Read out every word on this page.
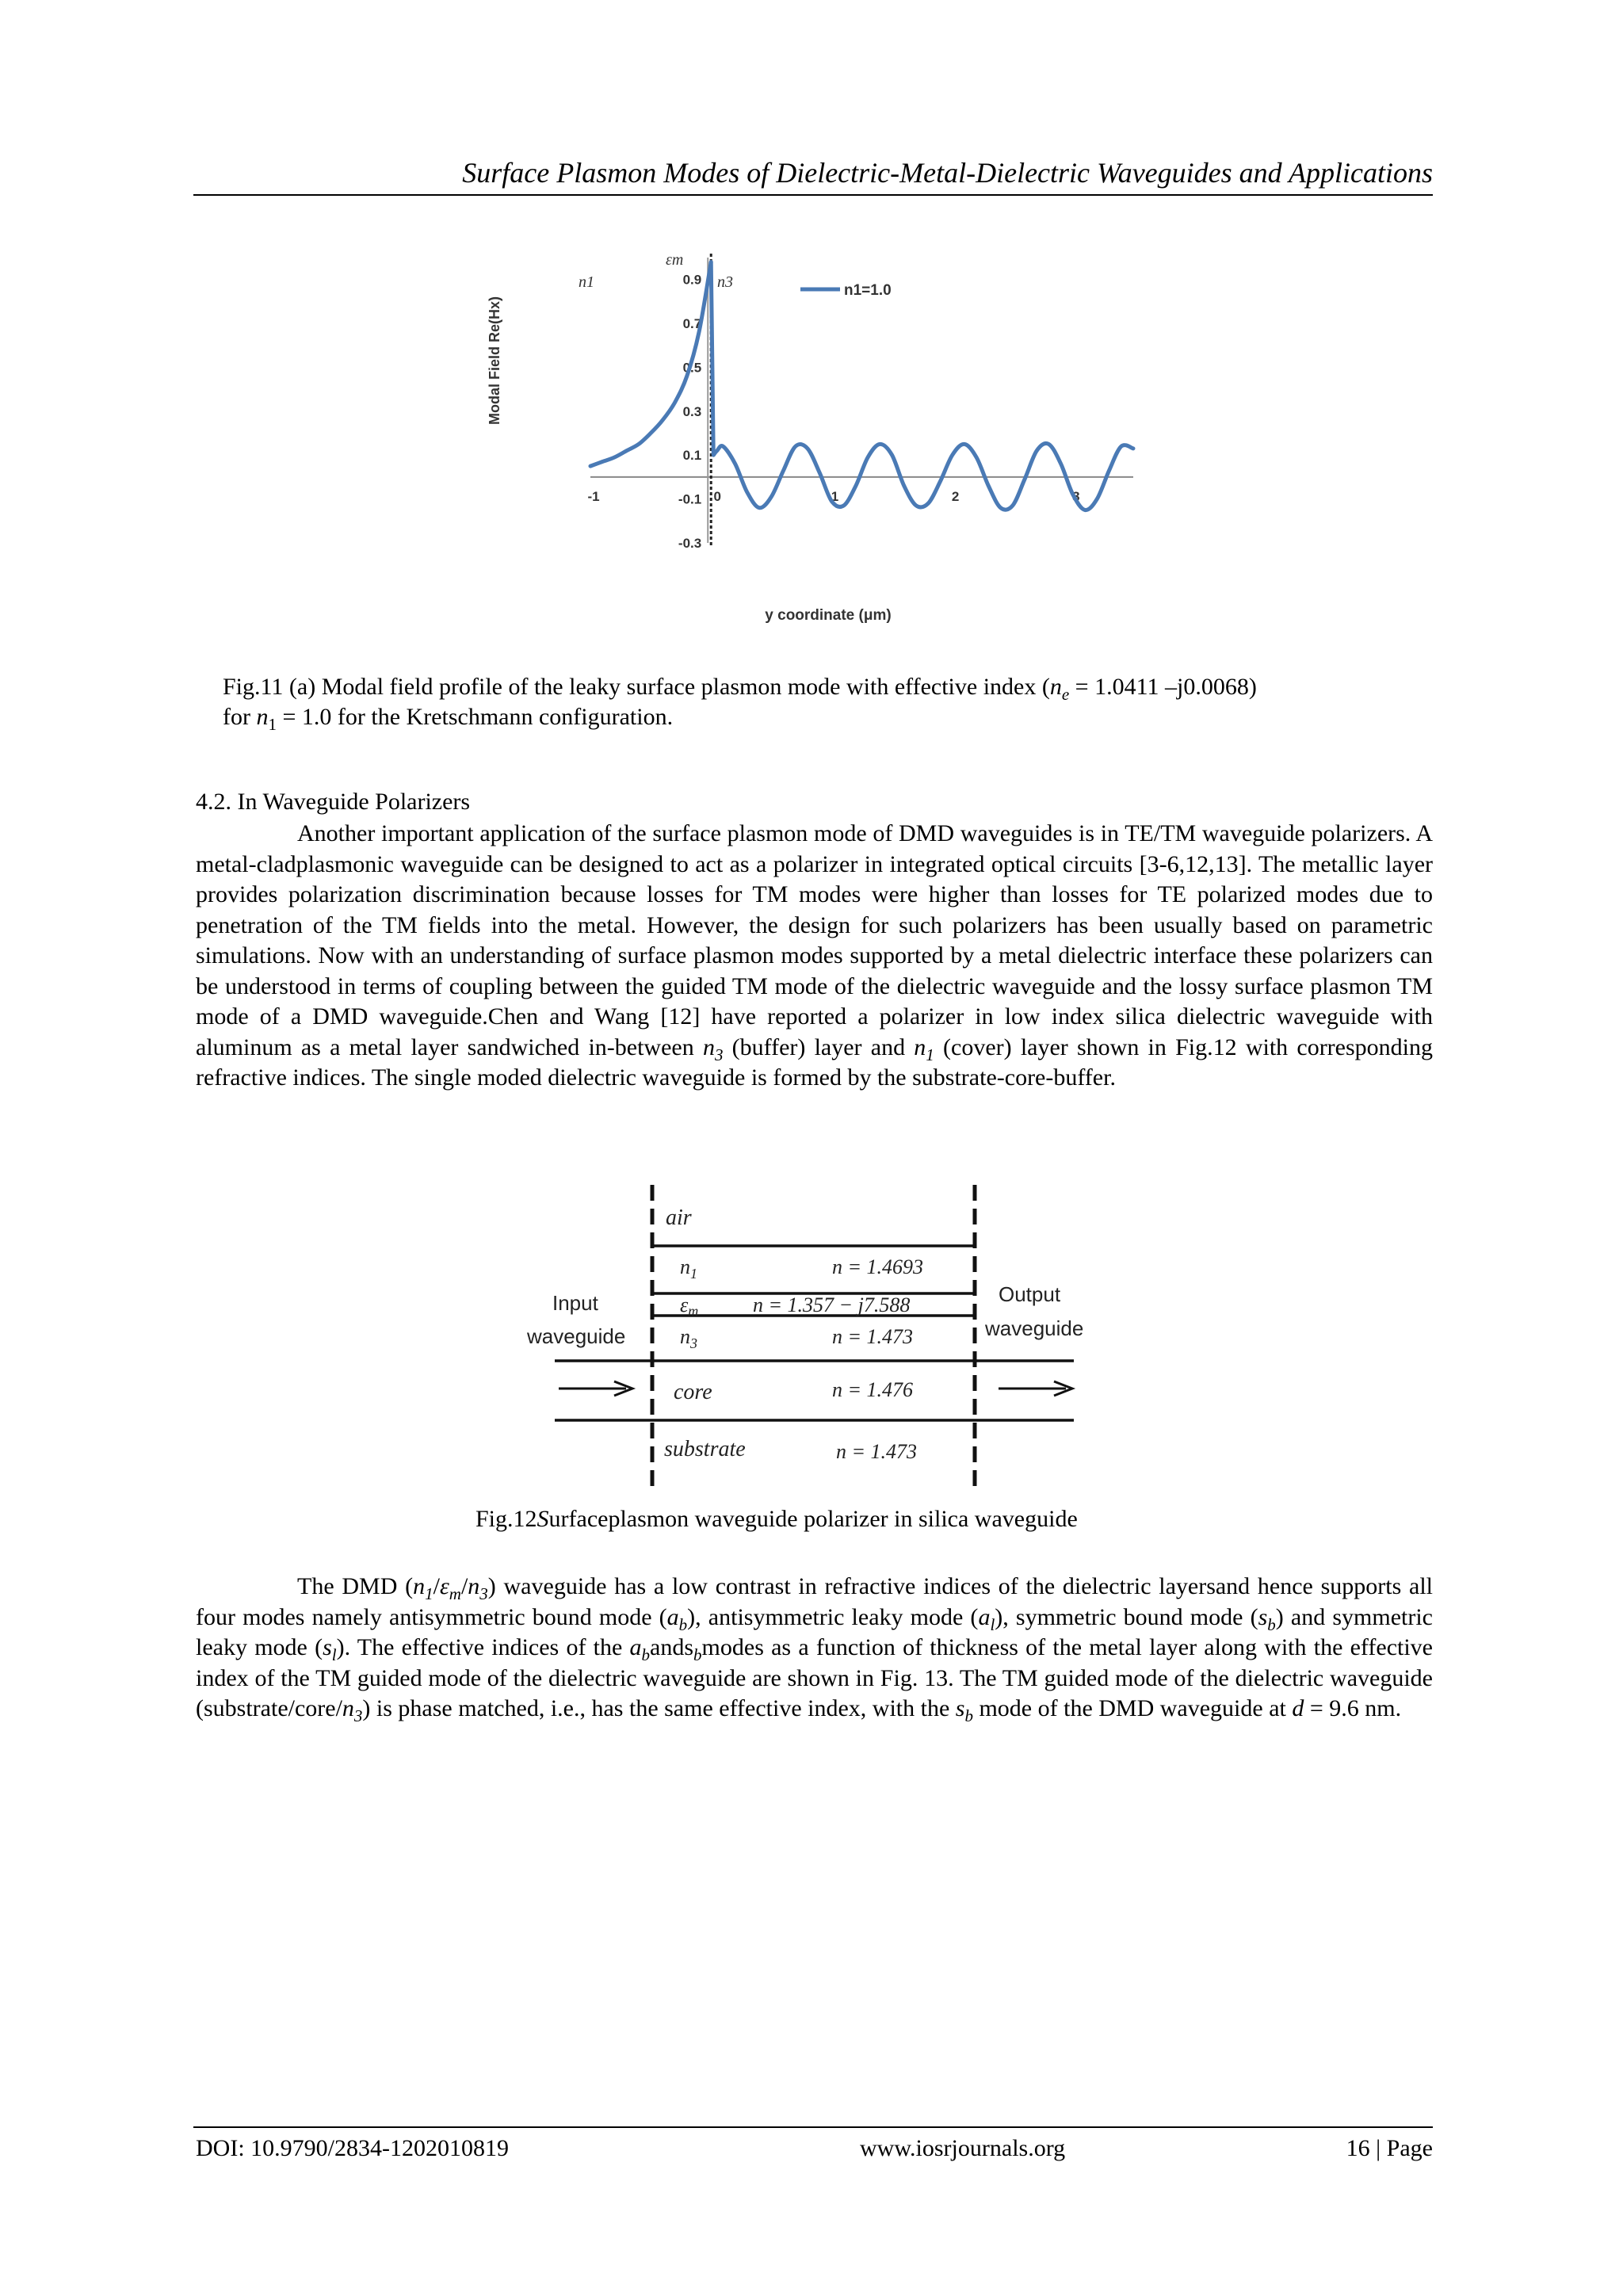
Surface Plasmon Modes of Dielectric-Metal-Dielectric Waveguides and Applications
0.9
0.7
0.5
0.3
0.1
-0.1
-0.3
-1	0	1	2	3
Modal Field Re(Hx)
y coordinate (μm)
n1
εm
n3	n1=1.0
Fig.11 (a) Modal field profile of the leaky surface plasmon mode with effective index ($n_e = 1.0411$ –j0.0068)
for $n_1 = 1.0$ for the Kretschmann configuration.
4.2. In Waveguide Polarizers

Another important application of the surface plasmon mode of DMD waveguides is in TE/TM waveguide polarizers. A metal-cladplasmonic waveguide can be designed to act as a polarizer in integrated optical circuits [3-6,12,13]. The metallic layer provides polarization discrimination because losses for TM modes were higher than losses for TE polarized modes due to penetration of the TM fields into the metal. However, the design for such polarizers has been usually based on parametric simulations. Now with an understanding of surface plasmon modes supported by a metal dielectric interface these polarizers can be understood in terms of coupling between the guided TM mode of the dielectric waveguide and the lossy surface plasmon TM mode of a DMD waveguide.Chen and Wang [12] have reported a polarizer in low index silica dielectric waveguide with aluminum as a metal layer sandwiched in-between $n_3$ (buffer) layer and $n_1$ (cover) layer shown in Fig.12 with corresponding refractive indices. The single moded dielectric waveguide is formed by the substrate-core-buffer.

air
$n_1$	n = 1.4693
εm	n = 1.357 − j7.588
$n_3$	n = 1.473
core	n = 1.476
substrate	n = 1.473
Input
waveguide
Output
waveguide
Fig.12Surfaceplasmon waveguide polarizer in silica waveguide

The DMD $(n_1/\varepsilon_m/n_3)$ waveguide has a low contrast in refractive indices of the dielectric layersand hence supports all four modes namely antisymmetric bound mode $(a_b)$, antisymmetric leaky mode $(a_l)$, symmetric bound mode $(s_b)$ and symmetric leaky mode $(s_l)$. The effective indices of the $a_bands_bmodes$ as a function of thickness of the metal layer along with the effective index of the TM guided mode of the dielectric waveguide are shown in Fig. 13. The TM guided mode of the dielectric waveguide $(substrate/core/n_3)$ is phase matched, i.e., has the same effective index, with the $s_b$ mode of the DMD waveguide at d = 9.6 nm.

DOI: 10.9790/2834-1202010819	www.iosrjournals.org	16 | Page
